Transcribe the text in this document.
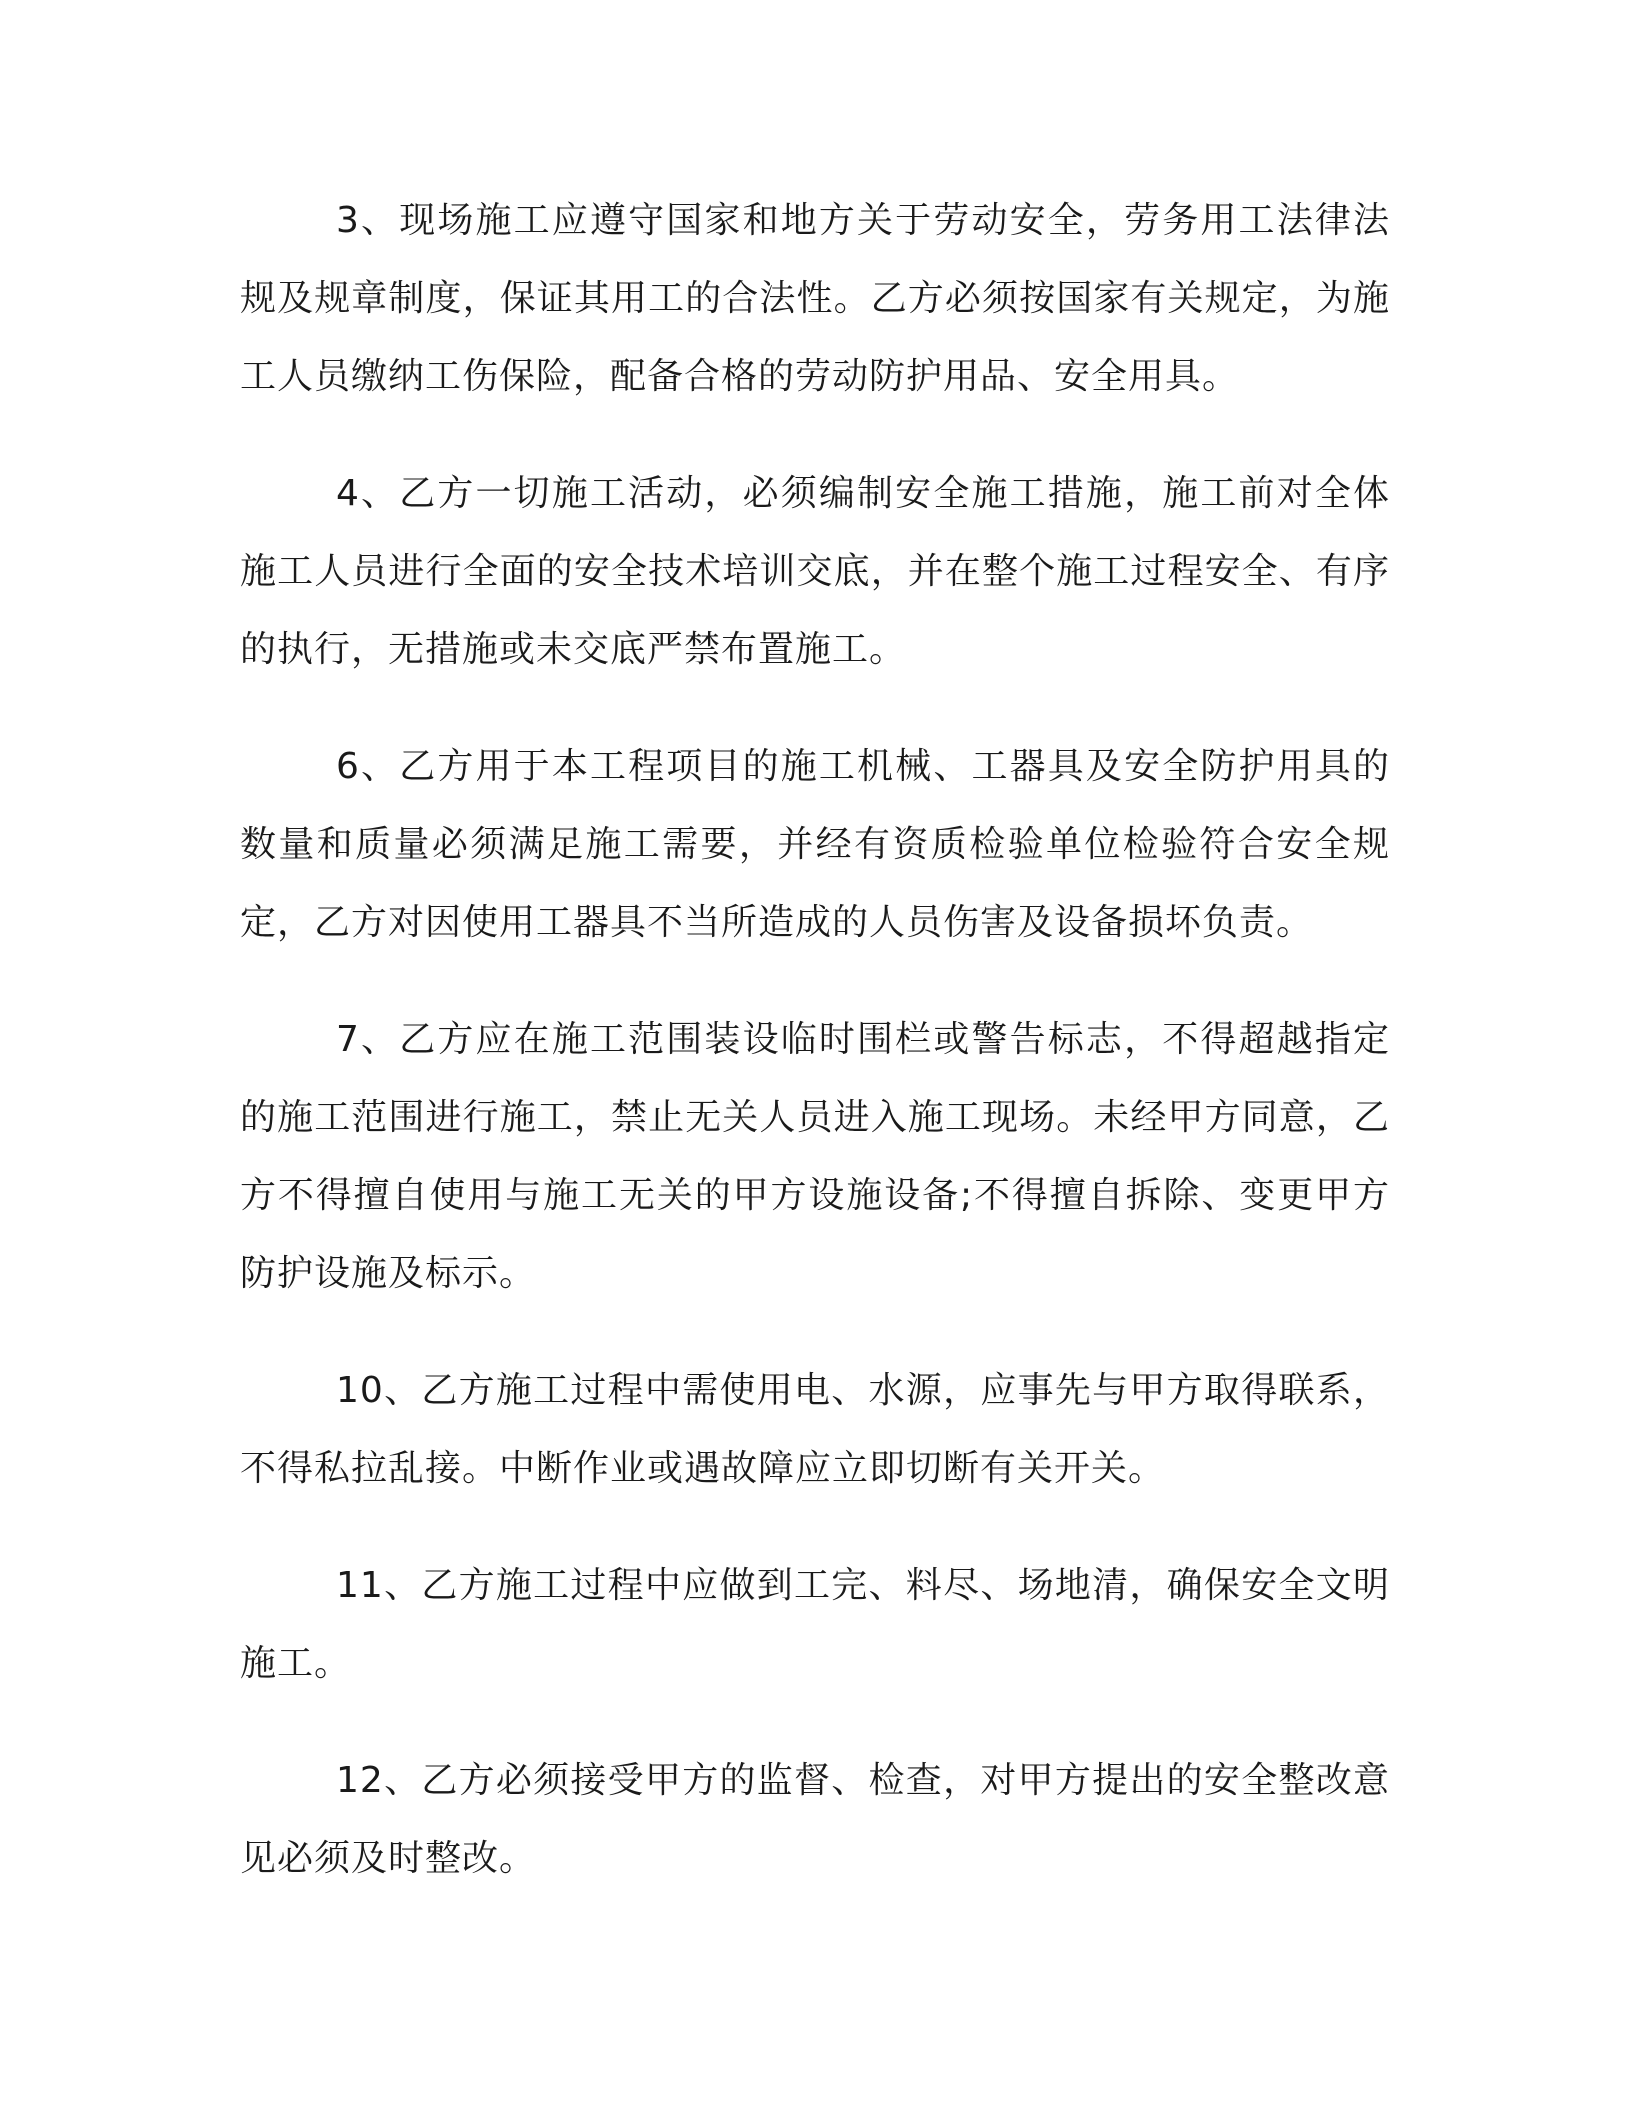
3、现场施工应遵守国家和地方关于劳动安全，劳务用工法律法规及规章制度，保证其用工的合法性。乙方必须按国家有关规定，为施工人员缴纳工伤保险，配备合格的劳动防护用品、安全用具。

4、乙方一切施工活动，必须编制安全施工措施，施工前对全体施工人员进行全面的安全技术培训交底，并在整个施工过程安全、有序的执行，无措施或未交底严禁布置施工。

6、乙方用于本工程项目的施工机械、工器具及安全防护用具的数量和质量必须满足施工需要，并经有资质检验单位检验符合安全规定，乙方对因使用工器具不当所造成的人员伤害及设备损坏负责。

7、乙方应在施工范围装设临时围栏或警告标志，不得超越指定的施工范围进行施工，禁止无关人员进入施工现场。未经甲方同意，乙方不得擅自使用与施工无关的甲方设施设备;不得擅自拆除、变更甲方防护设施及标示。

10、乙方施工过程中需使用电、水源，应事先与甲方取得联系，不得私拉乱接。中断作业或遇故障应立即切断有关开关。

11、乙方施工过程中应做到工完、料尽、场地清，确保安全文明施工。

12、乙方必须接受甲方的监督、检查，对甲方提出的安全整改意见必须及时整改。
